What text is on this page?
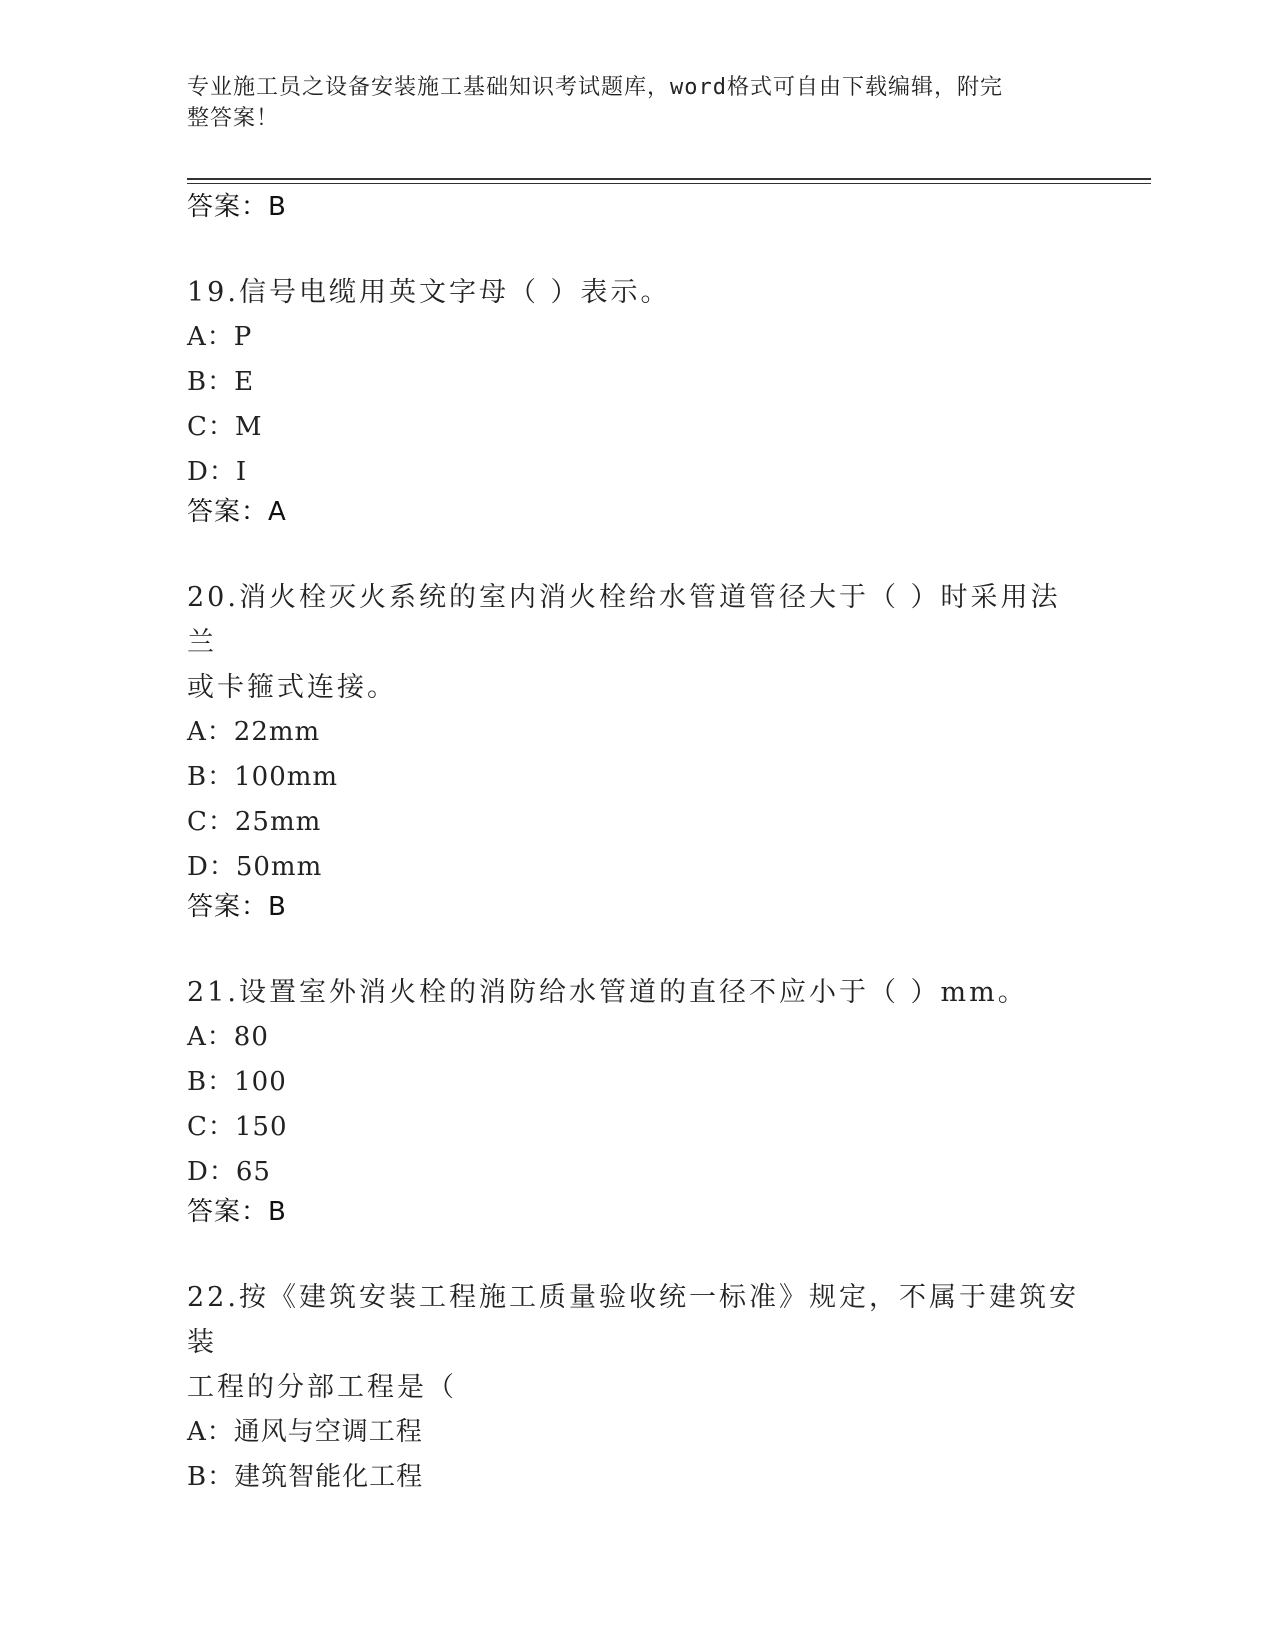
专业施工员之设备安装施工基础知识考试题库，word格式可自由下载编辑，附完
整答案！
答案：B
19.信号电缆用英文字母（ ）表示。
A：P
B：E
C：M
D：I
答案：A
20.消火栓灭火系统的室内消火栓给水管道管径大于（ ）时采用法兰
或卡箍式连接。
A：22mm
B：100mm
C：25mm
D：50mm
答案：B
21.设置室外消火栓的消防给水管道的直径不应小于（ ）mm。
A：80
B：100
C：150
D：65
答案：B
22.按《建筑安装工程施工质量验收统一标准》规定，不属于建筑安装
工程的分部工程是（
A：通风与空调工程
B：建筑智能化工程
